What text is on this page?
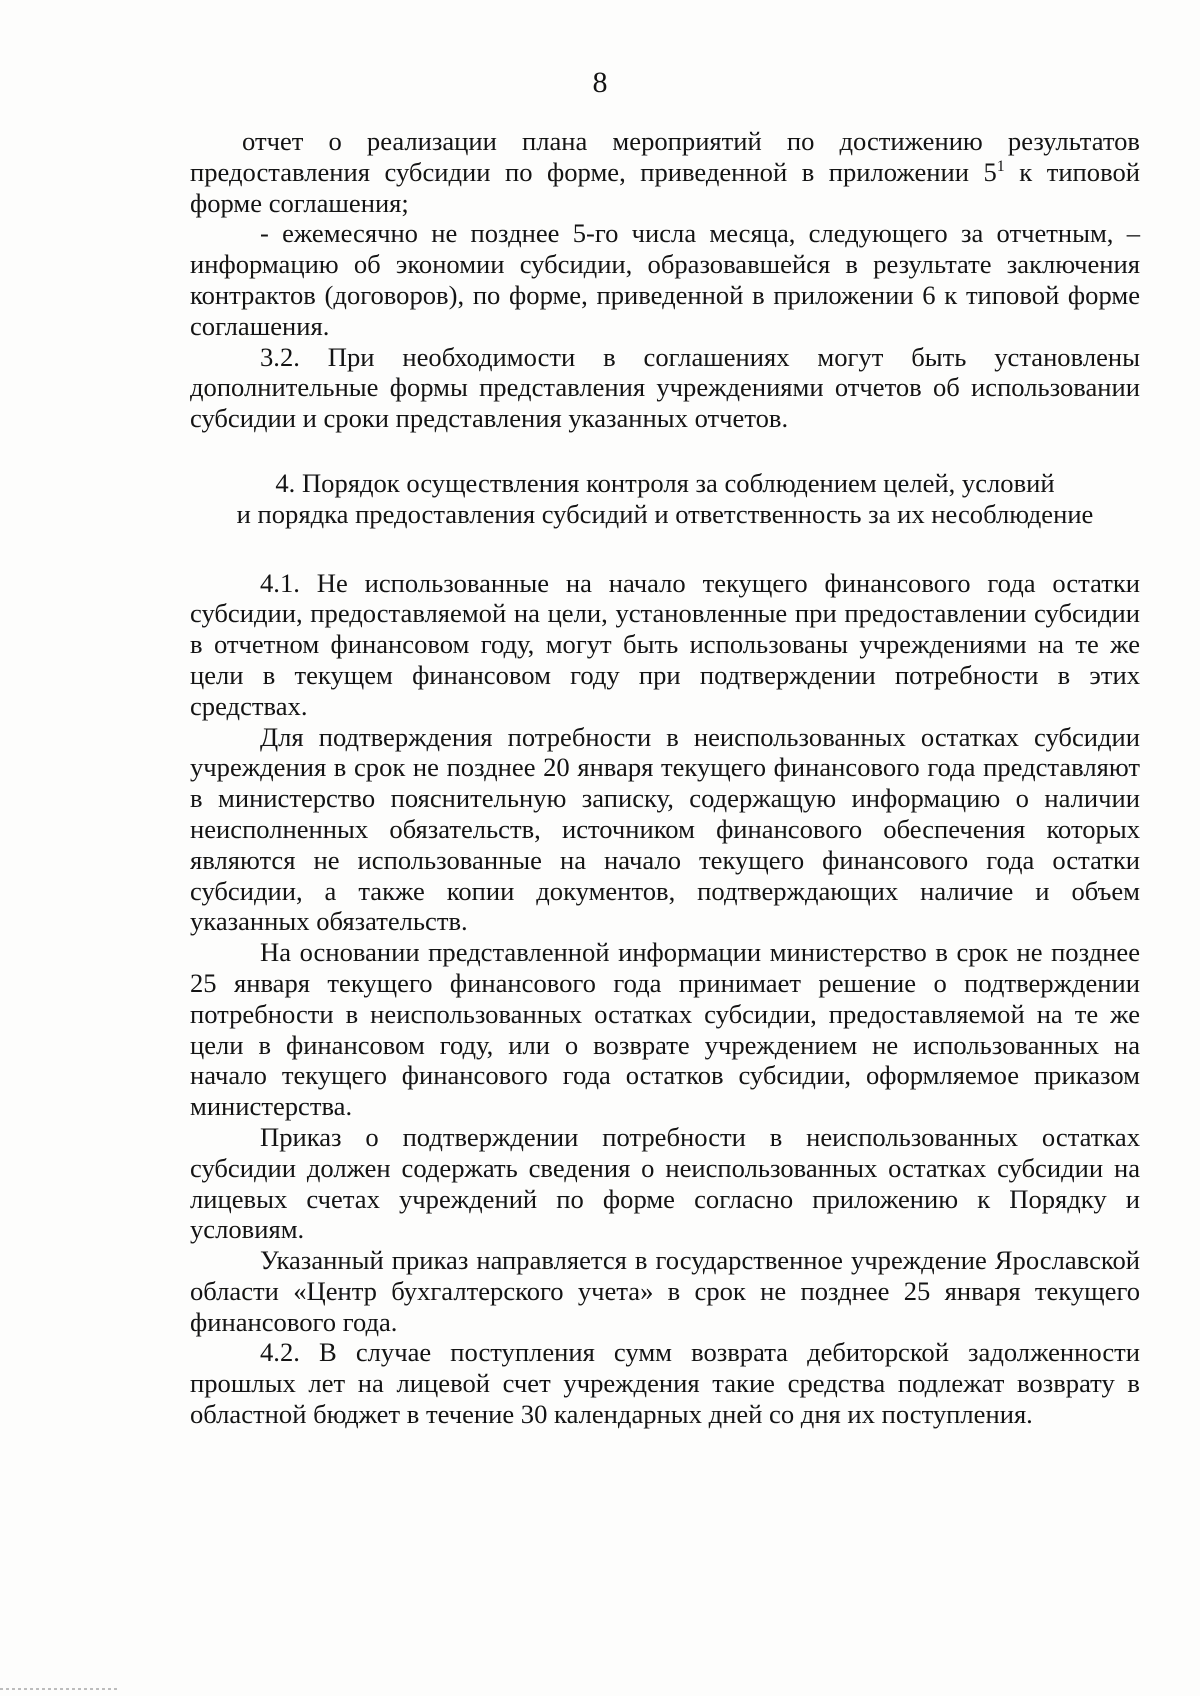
8

отчет о реализации плана мероприятий по достижению результатов предоставления субсидии по форме, приведенной в приложении $5^1$ к типовой форме соглашения;

- ежемесячно не позднее 5-го числа месяца, следующего за отчетным, – информацию об экономии субсидии, образовавшейся в результате заключения контрактов (договоров), по форме, приведенной в приложении 6 к типовой форме соглашения.

3.2. При необходимости в соглашениях могут быть установлены дополнительные формы представления учреждениями отчетов об использовании субсидии и сроки представления указанных отчетов.

4. Порядок осуществления контроля за соблюдением целей, условий
и порядка предоставления субсидий и ответственность за их несоблюдение

4.1. Не использованные на начало текущего финансового года остатки субсидии, предоставляемой на цели, установленные при предоставлении субсидии в отчетном финансовом году, могут быть использованы учреждениями на те же цели в текущем финансовом году при подтверждении потребности в этих средствах.

Для подтверждения потребности в неиспользованных остатках субсидии учреждения в срок не позднее 20 января текущего финансового года представляют в министерство пояснительную записку, содержащую информацию о наличии неисполненных обязательств, источником финансового обеспечения которых являются не использованные на начало текущего финансового года остатки субсидии, а также копии документов, подтверждающих наличие и объем указанных обязательств.

На основании представленной информации министерство в срок не позднее 25 января текущего финансового года принимает решение о подтверждении потребности в неиспользованных остатках субсидии, предоставляемой на те же цели в финансовом году, или о возврате учреждением не использованных на начало текущего финансового года остатков субсидии, оформляемое приказом министерства.

Приказ о подтверждении потребности в неиспользованных остатках субсидии должен содержать сведения о неиспользованных остатках субсидии на лицевых счетах учреждений по форме согласно приложению к Порядку и условиям.

Указанный приказ направляется в государственное учреждение Ярославской области «Центр бухгалтерского учета» в срок не позднее 25 января текущего финансового года.

4.2. В случае поступления сумм возврата дебиторской задолженности прошлых лет на лицевой счет учреждения такие средства подлежат возврату в областной бюджет в течение 30 календарных дней со дня их поступления.
